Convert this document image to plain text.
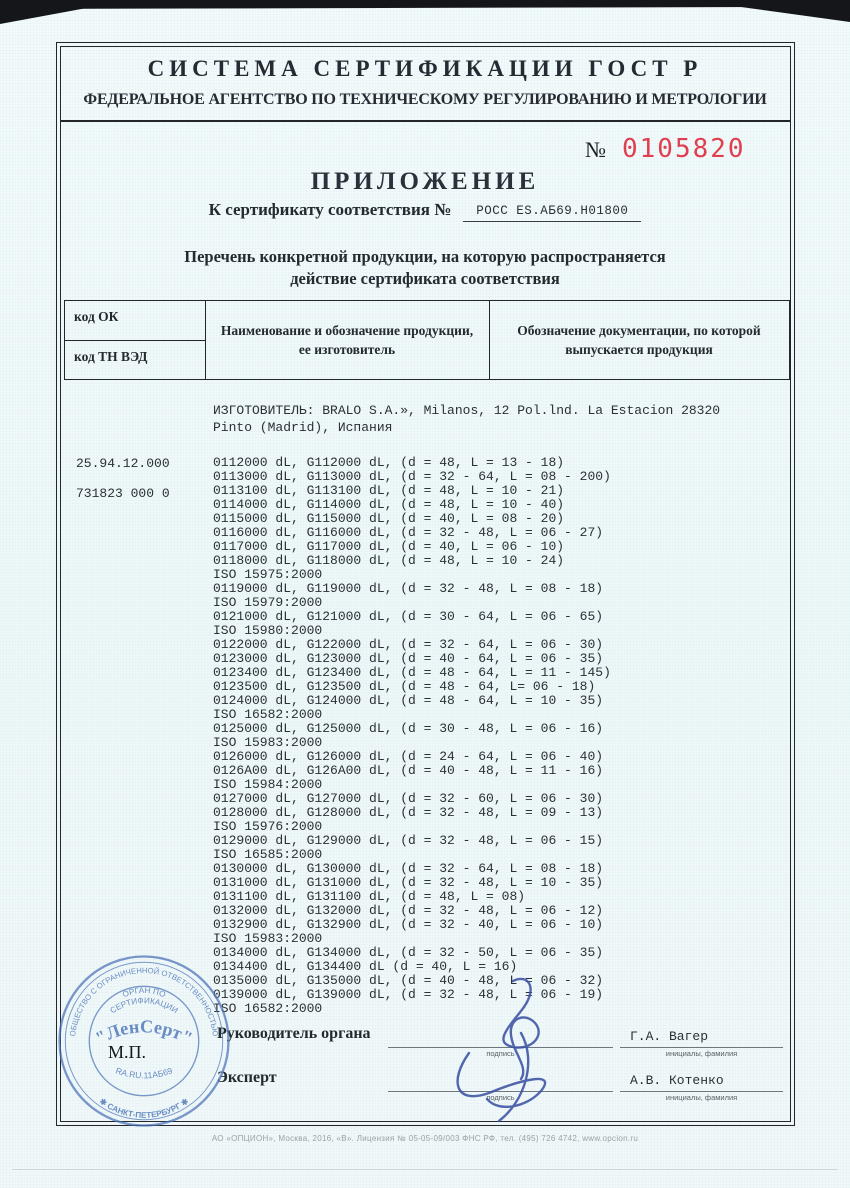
СИСТЕМА СЕРТИФИКАЦИИ ГОСТ Р
ФЕДЕРАЛЬНОЕ АГЕНТСТВО ПО ТЕХНИЧЕСКОМУ РЕГУЛИРОВАНИЮ И МЕТРОЛОГИИ
№ 0105820
ПРИЛОЖЕНИЕ
К сертификату соответствия №	РОСС ES.АБ69.Н01800
Перечень конкретной продукции, на которую распространяется
действие сертификата соответствия
код ОК
код ТН ВЭД
Наименование и обозначение продукции, ее изготовитель
Обозначение документации, по которой выпускается продукция
ИЗГОТОВИТЕЛЬ: BRALO S.A.», Milanos, 12 Pol.lnd. La Estacion 28320 Pinto (Madrid), Испания
25.94.12.000
731823 000 0
0112000 dL, G112000 dL, (d = 48, L = 13 - 18)
0113000 dL, G113000 dL, (d = 32 - 64, L = 08 - 200)
0113100 dL, G113100 dL, (d = 48, L = 10 - 21)
0114000 dL, G114000 dL, (d = 48, L = 10 - 40)
0115000 dL, G115000 dL, (d = 40, L = 08 - 20)
0116000 dL, G116000 dL, (d = 32 - 48, L = 06 - 27)
0117000 dL, G117000 dL, (d = 40, L = 06 - 10)
0118000 dL, G118000 dL, (d = 48, L = 10 - 24)
ISO 15975:2000
0119000 dL, G119000 dL, (d = 32 - 48, L = 08 - 18)
ISO 15979:2000
0121000 dL, G121000 dL, (d = 30 - 64, L = 06 - 65)
ISO 15980:2000
0122000 dL, G122000 dL, (d = 32 - 64, L = 06 - 30)
0123000 dL, G123000 dL, (d = 40 - 64, L = 06 - 35)
0123400 dL, G123400 dL, (d = 48 - 64, L = 11 - 145)
0123500 dL, G123500 dL, (d = 48 - 64, L= 06 - 18)
0124000 dL, G124000 dL, (d = 48 - 64, L = 10 - 35)
ISO 16582:2000
0125000 dL, G125000 dL, (d = 30 - 48, L = 06 - 16)
ISO 15983:2000
0126000 dL, G126000 dL, (d = 24 - 64, L = 06 - 40)
0126A00 dL, G126A00 dL, (d = 40 - 48, L = 11 - 16)
ISO 15984:2000
0127000 dL, G127000 dL, (d = 32 - 60, L = 06 - 30)
0128000 dL, G128000 dL, (d = 32 - 48, L = 09 - 13)
ISO 15976:2000
0129000 dL, G129000 dL, (d = 32 - 48, L = 06 - 15)
ISO 16585:2000
0130000 dL, G130000 dL, (d = 32 - 64, L = 08 - 18)
0131000 dL, G131000 dL, (d = 32 - 48, L = 10 - 35)
0131100 dL, G131100 dL, (d = 48, L = 08)
0132000 dL, G132000 dL, (d = 32 - 48, L = 06 - 12)
0132900 dL, G132900 dL, (d = 32 - 40, L = 06 - 10)
ISO 15983:2000
0134000 dL, G134000 dL, (d = 32 - 50, L = 06 - 35)
0134400 dL, G134400 dL (d = 40, L = 16)
0135000 dL, G135000 dL, (d = 40 - 48, L = 06 - 32)
0139000 dL, G139000 dL, (d = 32 - 48, L = 06 - 19)
ISO 16582:2000
Руководитель органа
Эксперт
подпись
Г.А. Вагер
инициалы, фамилия
подпись
А.В. Котенко
инициалы, фамилия
ОБЩЕСТВО С ОГРАНИЧЕННОЙ ОТВЕТСТВЕННОСТЬЮ
✱ САНКТ-ПЕТЕРБУРГ ✱
ОРГАН ПО
СЕРТИФИКАЦИИ
"ЛенСерт"
RA.RU.11АБ69
М.П.
АО «ОПЦИОН», Москва, 2016, «В». Лицензия № 05-05-09/003 ФНС РФ, тел. (495) 726 4742, www.opcion.ru
